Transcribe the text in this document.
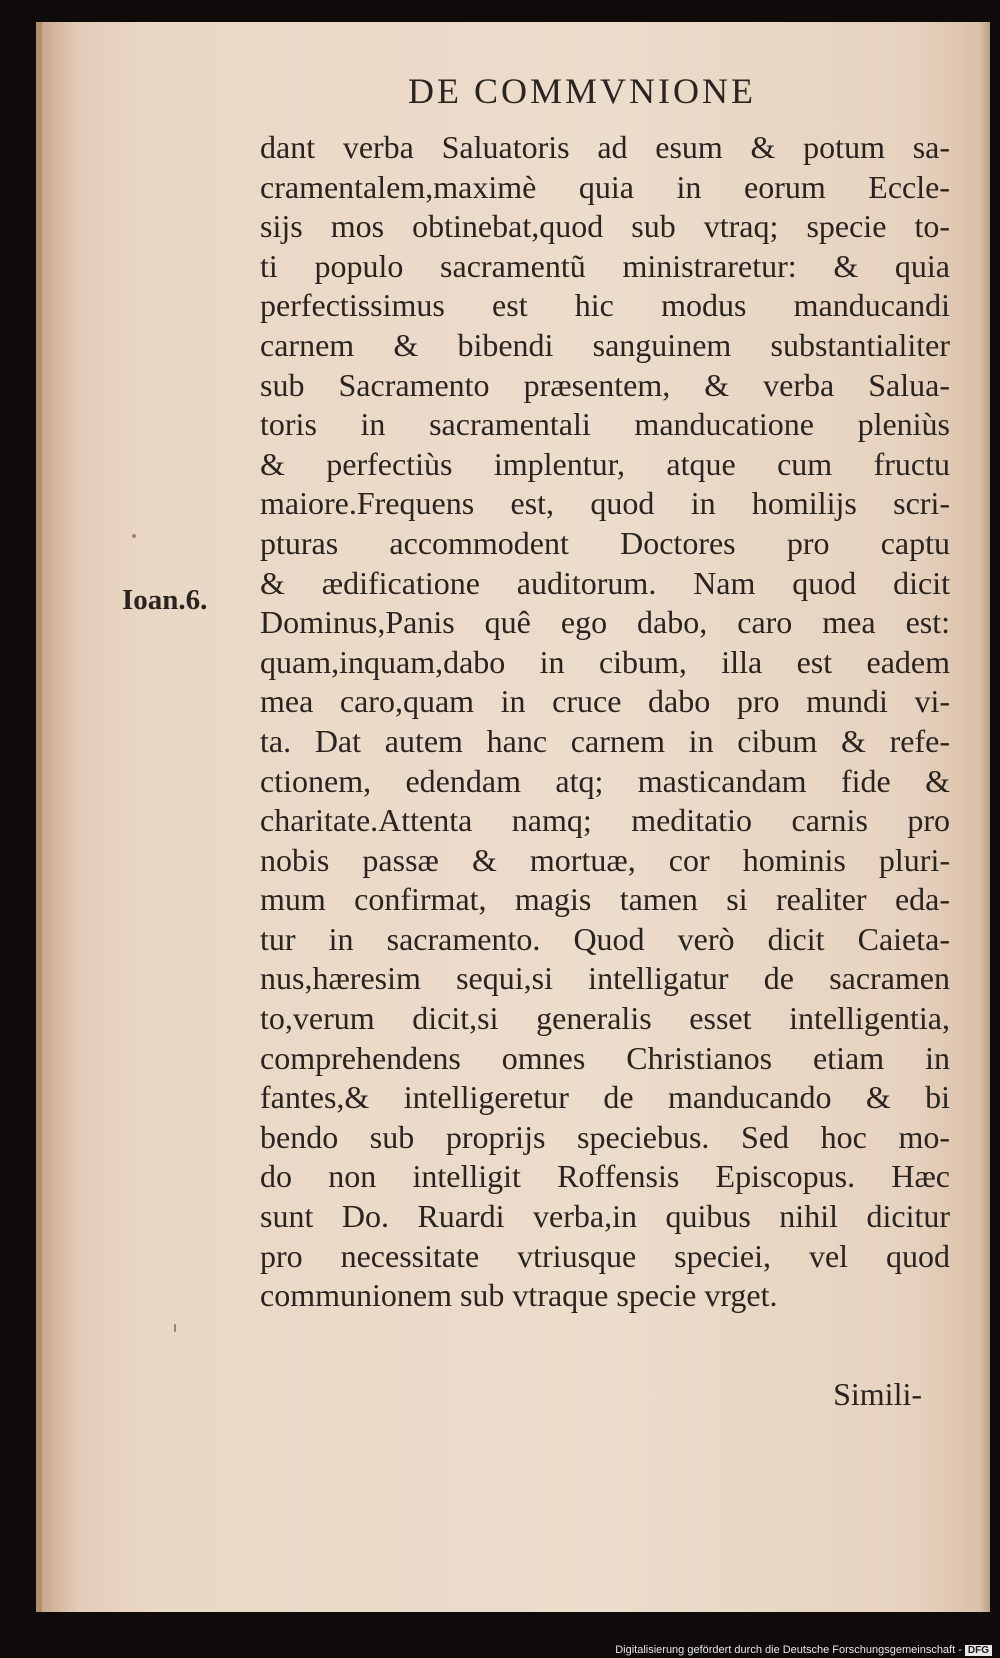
DE COMMVNIONE
Ioan.6.
dant verba Saluatoris ad esum & potum sa-
cramentalem,maximè quia in eorum Eccle-
sijs mos obtinebat,quod sub vtraq; specie to-
ti populo sacramentũ ministraretur: & quia
perfectissimus est hic modus manducandi
carnem & bibendi sanguinem substantialiter
sub Sacramento præsentem, & verba Salua-
toris in sacramentali manducatione pleniùs
& perfectiùs implentur, atque cum fructu
maiore.Frequens est, quod in homilijs scri-
pturas accommodent Doctores pro captu
& ædificatione auditorum. Nam quod dicit
Dominus,Panis quê ego dabo, caro mea est:
quam,inquam,dabo in cibum, illa est eadem
mea caro,quam in cruce dabo pro mundi vi-
ta. Dat autem hanc carnem in cibum & refe-
ctionem, edendam atq; masticandam fide &
charitate.Attenta namq; meditatio carnis pro
nobis passæ & mortuæ, cor hominis pluri-
mum confirmat, magis tamen si realiter eda-
tur in sacramento. Quod verò dicit Caieta-
nus,hæresim sequi,si intelligatur de sacramen
to,verum dicit,si generalis esset intelligentia,
comprehendens omnes Christianos etiam in
fantes,& intelligeretur de manducando & bi
bendo sub proprijs speciebus. Sed hoc mo-
do non intelligit Roffensis Episcopus. Hæc
sunt Do. Ruardi verba,in quibus nihil dicitur
pro necessitate vtriusque speciei, vel quod
communionem sub vtraque specie vrget.
Simili-
Digitalisierung gefördert durch die Deutsche Forschungsgemeinschaft - DFG
